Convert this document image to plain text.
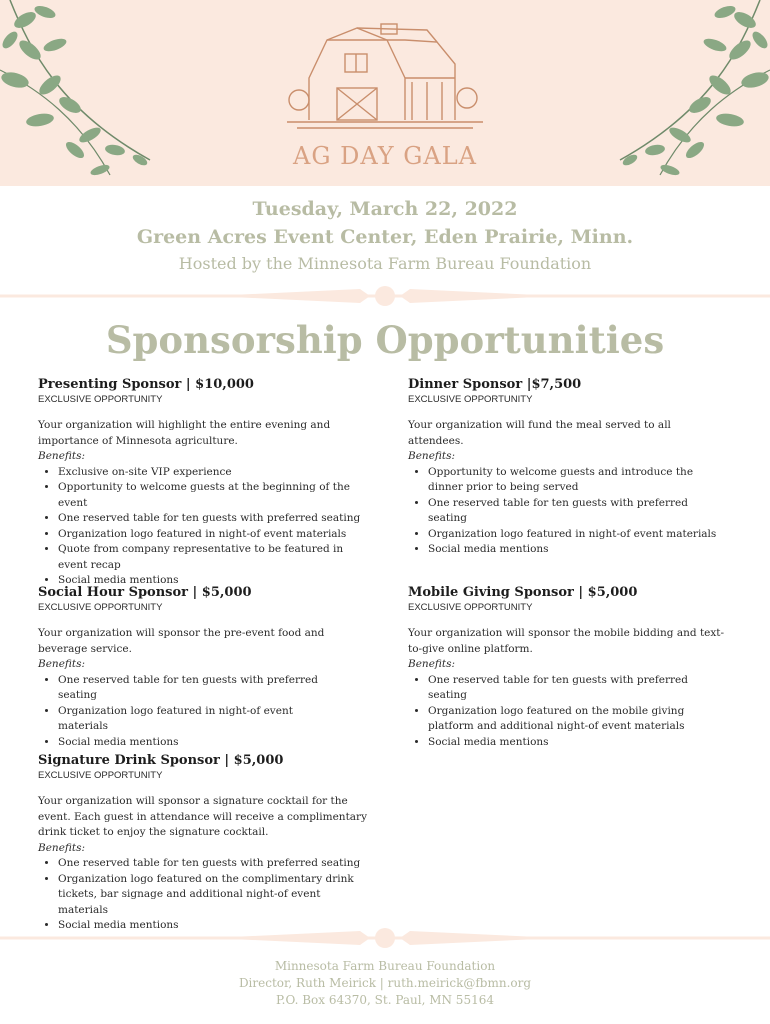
AG DAY GALA
Tuesday, March 22, 2022
Green Acres Event Center, Eden Prairie, Minn.
Hosted by the Minnesota Farm Bureau Foundation
Sponsorship Opportunities
Presenting Sponsor | $10,000
EXCLUSIVE OPPORTUNITY

Your organization will highlight the entire evening and importance of Minnesota agriculture.

Benefits:

• Exclusive on-site VIP experience
• Opportunity to welcome guests at the beginning of the event
• One reserved table for ten guests with preferred seating
• Organization logo featured in night-of event materials
• Quote from company representative to be featured in event recap
• Social media mentions
Dinner Sponsor |$7,500
EXCLUSIVE OPPORTUNITY

Your organization will fund the meal served to all attendees.

Benefits:

• Opportunity to welcome guests and introduce the dinner prior to being served
• One reserved table for ten guests with preferred seating
• Organization logo featured in night-of event materials
• Social media mentions
Social Hour Sponsor | $5,000
EXCLUSIVE OPPORTUNITY

Your organization will sponsor the pre-event food and beverage service.

Benefits:

• One reserved table for ten guests with preferred seating
• Organization logo featured in night-of event materials
• Social media mentions
Mobile Giving Sponsor | $5,000
EXCLUSIVE OPPORTUNITY

Your organization will sponsor the mobile bidding and text-to-give online platform.

Benefits:

• One reserved table for ten guests with preferred seating
• Organization logo featured on the mobile giving platform and additional night-of event materials
• Social media mentions
Signature Drink Sponsor | $5,000
EXCLUSIVE OPPORTUNITY

Your organization will sponsor a signature cocktail for the event. Each guest in attendance will receive a complimentary drink ticket to enjoy the signature cocktail.

Benefits:

• One reserved table for ten guests with preferred seating
• Organization logo featured on the complimentary drink tickets, bar signage and additional night-of event materials
• Social media mentions
Minnesota Farm Bureau Foundation
Director, Ruth Meirick | ruth.meirick@fbmn.org
P.O. Box 64370, St. Paul, MN 55164
